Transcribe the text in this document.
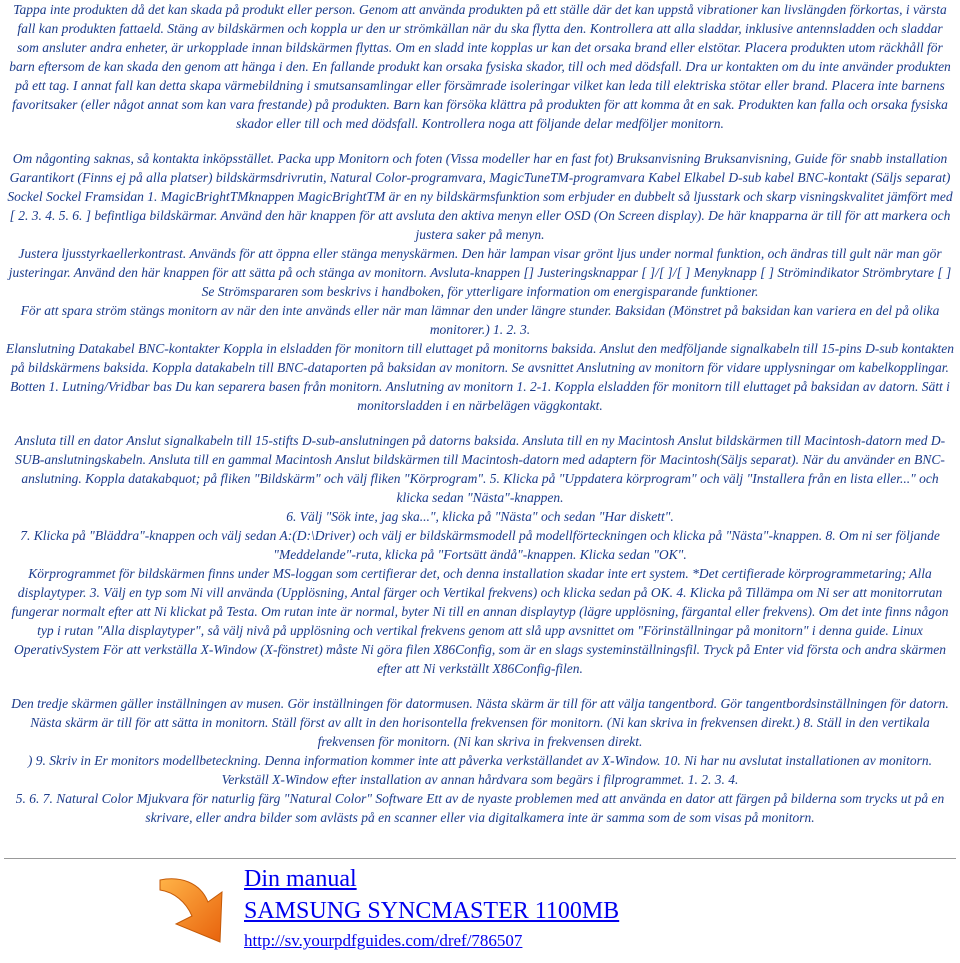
Tappa inte produkten då det kan skada på produkt eller person. Genom att använda produkten på ett ställe där det kan uppstå vibrationer kan livslängden förkortas, i värsta fall kan produkten fattaeld. Stäng av bildskärmen och koppla ur den ur strömkällan när du ska flytta den. Kontrollera att alla sladdar, inklusive antennsladden och sladdar som ansluter andra enheter, är urkopplade innan bildskärmen flyttas. Om en sladd inte kopplas ur kan det orsaka brand eller elstötar. Placera produkten utom räckhåll för barn eftersom de kan skada den genom att hänga i den. En fallande produkt kan orsaka fysiska skador, till och med dödsfall. Dra ur kontakten om du inte använder produkten på ett tag. I annat fall kan detta skapa värmebildning i smutsansamlingar eller försämrade isoleringar vilket kan leda till elektriska stötar eller brand. Placera inte barnens favoritsaker (eller något annat som kan vara frestande) på produkten. Barn kan försöka klättra på produkten för att komma åt en sak. Produkten kan falla och orsaka fysiska skador eller till och med dödsfall. Kontrollera noga att följande delar medföljer monitorn.

Om någonting saknas, så kontakta inköpsstället. Packa upp Monitorn och foten (Vissa modeller har en fast fot) Bruksanvisning Bruksanvisning, Guide för snabb installation Garantikort (Finns ej på alla platser) bildskärmsdrivrutin, Natural Color-programvara, MagicTuneTM-programvara Kabel Elkabel D-sub kabel BNC-kontakt (Säljs separat) Sockel Sockel Framsidan 1. MagicBrightTMknappen MagicBrightTM är en ny bildskärmsfunktion som erbjuder en dubbelt så ljusstark och skarp visningskvalitet jämfört med [ 2. 3. 4. 5. 6. ] befintliga bildskärmar. Använd den här knappen för att avsluta den aktiva menyn eller OSD (On Screen display). De här knapparna är till för att markera och justera saker på menyn.

Justera ljusstyrkaellerkontrast. Används för att öppna eller stänga menyskärmen. Den här lampan visar grönt ljus under normal funktion, och ändras till gult när man gör justeringar. Använd den här knappen för att sätta på och stänga av monitorn. Avsluta-knappen [] Justeringsknappar [ ]/[ ]/[ ] Menyknapp [ ] Strömindikator Strömbrytare [ ] Se Strömspararen som beskrivs i handboken, för ytterligare information om energisparande funktioner.

För att spara ström stängs monitorn av när den inte används eller när man lämnar den under längre stunder. Baksidan (Mönstret på baksidan kan variera en del på olika monitorer.) 1. 2. 3.

Elanslutning Datakabel BNC-kontakter Koppla in elsladden för monitorn till eluttaget på monitorns baksida. Anslut den medföljande signalkabeln till 15-pins D-sub kontakten på bildskärmens baksida. Koppla datakabeln till BNC-dataporten på baksidan av monitorn. Se avsnittet Anslutning av monitorn för vidare upplysningar om kabelkopplingar. Botten 1. Lutning/Vridbar bas Du kan separera basen från monitorn. Anslutning av monitorn 1. 2-1. Koppla elsladden för monitorn till eluttaget på baksidan av datorn. Sätt i monitorsladden i en närbelägen väggkontakt.

Ansluta till en dator Anslut signalkabeln till 15-stifts D-sub-anslutningen på datorns baksida. Ansluta till en ny Macintosh Anslut bildskärmen till Macintosh-datorn med D-SUB-anslutningskabeln. Ansluta till en gammal Macintosh Anslut bildskärmen till Macintosh-datorn med adaptern för Macintosh(Säljs separat). När du använder en BNC-anslutning. Koppla datakabquot; på fliken "Bildskärm" och välj fliken "Körprogram". 5. Klicka på "Uppdatera körprogram" och välj "Installera från en lista eller..." och klicka sedan "Nästa"-knappen.

6. Välj "Sök inte, jag ska...", klicka på "Nästa" och sedan "Har diskett".

7. Klicka på "Bläddra"-knappen och välj sedan A:(D:\Driver) och välj er bildskärmsmodell på modellförteckningen och klicka på "Nästa"-knappen. 8. Om ni ser följande "Meddelande"-ruta, klicka på "Fortsätt ändå"-knappen. Klicka sedan "OK".

Körprogrammet för bildskärmen finns under MS-loggan som certifierar det, och denna installation skadar inte ert system. *Det certifierade körprogrammetaring; Alla displaytyper. 3. Välj en typ som Ni vill använda (Upplösning, Antal färger och Vertikal frekvens) och klicka sedan på OK. 4. Klicka på Tillämpa om Ni ser att monitorrutan fungerar normalt efter att Ni klickat på Testa. Om rutan inte är normal, byter Ni till en annan displaytyp (lägre upplösning, färgantal eller frekvens). Om det inte finns någon typ i rutan "Alla displaytyper", så välj nivå på upplösning och vertikal frekvens genom att slå upp avsnittet om "Förinställningar på monitorn" i denna guide. Linux OperativSystem För att verkställa X-Window (X-fönstret) måste Ni göra filen X86Config, som är en slags systeminställningsfil. Tryck på Enter vid första och andra skärmen efter att Ni verkställt X86Config-filen.

Den tredje skärmen gäller inställningen av musen. Gör inställningen för datormusen. Nästa skärm är till för att välja tangentbord. Gör tangentbordsinställningen för datorn. Nästa skärm är till för att sätta in monitorn. Ställ först av allt in den horisontella frekvensen för monitorn. (Ni kan skriva in frekvensen direkt.) 8. Ställ in den vertikala frekvensen för monitorn. (Ni kan skriva in frekvensen direkt.

) 9. Skriv in Er monitors modellbeteckning. Denna information kommer inte att påverka verkställandet av X-Window. 10. Ni har nu avslutat installationen av monitorn.

Verkställ X-Window efter installation av annan hårdvara som begärs i filprogrammet. 1. 2. 3. 4.

5. 6. 7. Natural Color Mjukvara för naturlig färg "Natural Color" Software Ett av de nyaste problemen med att använda en dator att färgen på bilderna som trycks ut på en skrivare, eller andra bilder som avlästs på en scanner eller via digitalkamera inte är samma som de som visas på monitorn.

Din manual
SAMSUNG SYNCMASTER 1100MB
http://sv.yourpdfguides.com/dref/786507
